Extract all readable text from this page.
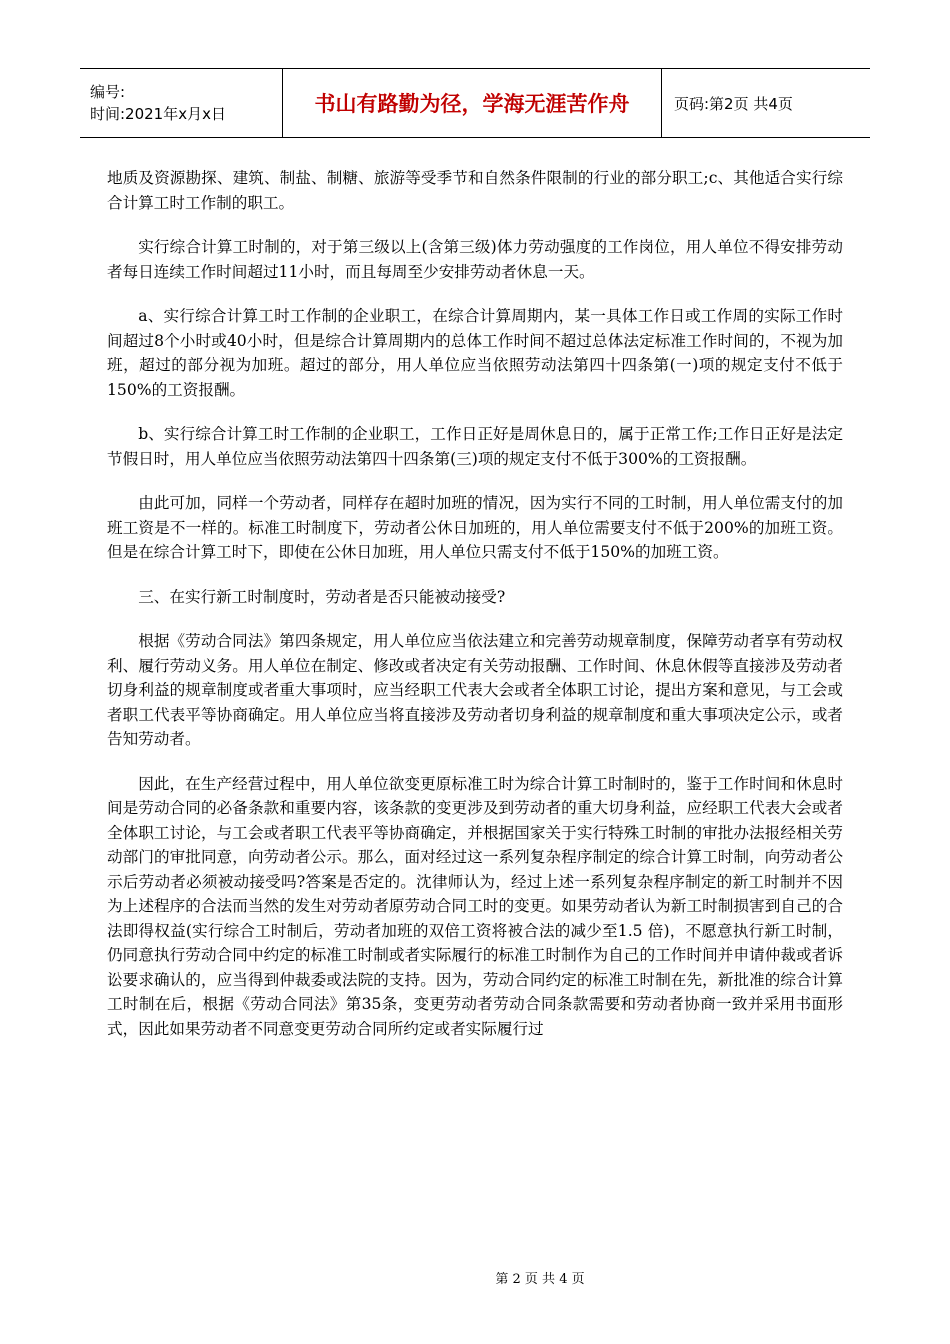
编号:
时间:2021年x月x日	书山有路勤为径，学海无涯苦作舟	页码:第2页 共4页

地质及资源勘探、建筑、制盐、制糖、旅游等受季节和自然条件限制的行业的部分职工;c、其他适合实行综合计算工时工作制的职工。

实行综合计算工时制的，对于第三级以上(含第三级)体力劳动强度的工作岗位，用人单位不得安排劳动者每日连续工作时间超过11小时，而且每周至少安排劳动者休息一天。

a、实行综合计算工时工作制的企业职工，在综合计算周期内，某一具体工作日或工作周的实际工作时间超过8个小时或40小时，但是综合计算周期内的总体工作时间不超过总体法定标准工作时间的，不视为加班，超过的部分视为加班。超过的部分，用人单位应当依照劳动法第四十四条第(一)项的规定支付不低于150%的工资报酬。

b、实行综合计算工时工作制的企业职工，工作日正好是周休息日的，属于正常工作;工作日正好是法定节假日时，用人单位应当依照劳动法第四十四条第(三)项的规定支付不低于300%的工资报酬。

由此可加，同样一个劳动者，同样存在超时加班的情况，因为实行不同的工时制，用人单位需支付的加班工资是不一样的。标准工时制度下，劳动者公休日加班的，用人单位需要支付不低于200%的加班工资。但是在综合计算工时下，即使在公休日加班，用人单位只需支付不低于150%的加班工资。

三、在实行新工时制度时，劳动者是否只能被动接受?

根据《劳动合同法》第四条规定，用人单位应当依法建立和完善劳动规章制度，保障劳动者享有劳动权利、履行劳动义务。用人单位在制定、修改或者决定有关劳动报酬、工作时间、休息休假等直接涉及劳动者切身利益的规章制度或者重大事项时，应当经职工代表大会或者全体职工讨论，提出方案和意见，与工会或者职工代表平等协商确定。用人单位应当将直接涉及劳动者切身利益的规章制度和重大事项决定公示，或者告知劳动者。

因此，在生产经营过程中，用人单位欲变更原标准工时为综合计算工时制时的，鉴于工作时间和休息时间是劳动合同的必备条款和重要内容，该条款的变更涉及到劳动者的重大切身利益，应经职工代表大会或者全体职工讨论，与工会或者职工代表平等协商确定，并根据国家关于实行特殊工时制的审批办法报经相关劳动部门的审批同意，向劳动者公示。那么，面对经过这一系列复杂程序制定的综合计算工时制，向劳动者公示后劳动者必须被动接受吗?答案是否定的。沈律师认为，经过上述一系列复杂程序制定的新工时制并不因为上述程序的合法而当然的发生对劳动者原劳动合同工时的变更。如果劳动者认为新工时制损害到自己的合法即得权益(实行综合工时制后，劳动者加班的双倍工资将被合法的减少至1.5 倍)，不愿意执行新工时制，仍同意执行劳动合同中约定的标准工时制或者实际履行的标准工时制作为自己的工作时间并申请仲裁或者诉讼要求确认的，应当得到仲裁委或法院的支持。因为，劳动合同约定的标准工时制在先，新批准的综合计算工时制在后，根据《劳动合同法》第35条，变更劳动者劳动合同条款需要和劳动者协商一致并采用书面形式，因此如果劳动者不同意变更劳动合同所约定或者实际履行过

第 2 页 共 4 页
